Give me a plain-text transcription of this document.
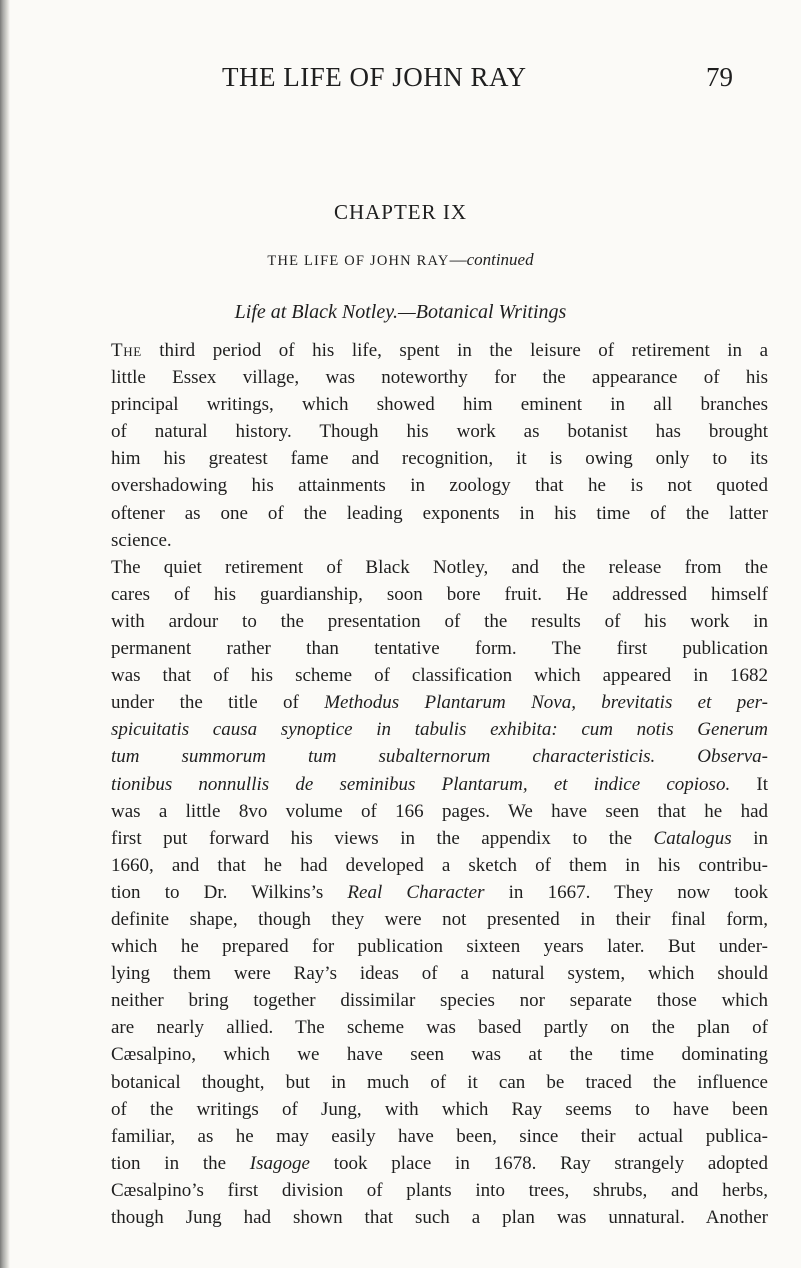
THE LIFE OF JOHN RAY	79
CHAPTER IX
THE LIFE OF JOHN RAY—continued
Life at Black Notley.—Botanical Writings
The third period of his life, spent in the leisure of retirement in a
little Essex village, was noteworthy for the appearance of his
principal writings, which showed him eminent in all branches
of natural history. Though his work as botanist has brought
him his greatest fame and recognition, it is owing only to its
overshadowing his attainments in zoology that he is not quoted
oftener as one of the leading exponents in his time of the latter
science.
The quiet retirement of Black Notley, and the release from the
cares of his guardianship, soon bore fruit. He addressed himself
with ardour to the presentation of the results of his work in
permanent rather than tentative form. The first publication
was that of his scheme of classification which appeared in 1682
under the title of Methodus Plantarum Nova, brevitatis et per-
spicuitatis causa synoptice in tabulis exhibita: cum notis Generum
tum summorum tum subalternorum characteristicis. Observa-
tionibus nonnullis de seminibus Plantarum, et indice copioso. It
was a little 8vo volume of 166 pages. We have seen that he had
first put forward his views in the appendix to the Catalogus in
1660, and that he had developed a sketch of them in his contribu-
tion to Dr. Wilkins’s Real Character in 1667. They now took
definite shape, though they were not presented in their final form,
which he prepared for publication sixteen years later. But under-
lying them were Ray’s ideas of a natural system, which should
neither bring together dissimilar species nor separate those which
are nearly allied. The scheme was based partly on the plan of
Cæsalpino, which we have seen was at the time dominating
botanical thought, but in much of it can be traced the influence
of the writings of Jung, with which Ray seems to have been
familiar, as he may easily have been, since their actual publica-
tion in the Isagoge took place in 1678. Ray strangely adopted
Cæsalpino’s first division of plants into trees, shrubs, and herbs,
though Jung had shown that such a plan was unnatural. Another
